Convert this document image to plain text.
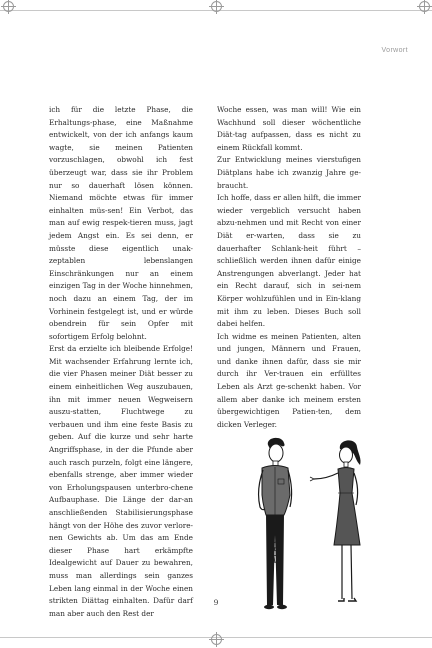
Vorwort

ich für die letzte Phase, die Erhaltungs-phase, eine Maßnahme entwickelt, von der ich anfangs kaum wagte, sie meinen Patienten vorzuschlagen, obwohl ich fest überzeugt war, dass sie ihr Problem nur so dauerhaft lösen können. Niemand möchte etwas für immer einhalten müs-sen! Ein Verbot, das man auf ewig respek-tieren muss, jagt jedem Angst ein. Es sei denn, er müsste diese eigentlich unak-zeptablen lebenslangen Einschränkungen nur an einem einzigen Tag in der Woche hinnehmen, noch dazu an einem Tag, der im Vorhinein festgelegt ist, und er würde obendrein für sein Opfer mit sofortigem Erfolg belohnt.

Erst da erzielte ich bleibende Erfolge! Mit wachsender Erfahrung lernte ich, die vier Phasen meiner Diät besser zu einem einheitlichen Weg auszubauen, ihn mit immer neuen Wegweisern auszu-statten, Fluchtwege zu verbauen und ihm eine feste Basis zu geben. Auf die kurze und sehr harte Angriffsphase, in der die Pfunde aber auch rasch purzeln, folgt eine längere, ebenfalls strenge, aber immer wieder von Erholungspausen unterbro-chene Aufbauphase. Die Länge der dar-an anschließenden Stabilisierungsphase hängt von der Höhe des zuvor verlore-nen Gewichts ab. Um das am Ende dieser Phase hart erkämpfte Idealgewicht auf Dauer zu bewahren, muss man allerdings sein ganzes Leben lang einmal in der Woche einen strikten Diättag einhalten. Dafür darf man aber auch den Rest der

Woche essen, was man will! Wie ein Wachhund soll dieser wöchentliche Diät-tag aufpassen, dass es nicht zu einem Rückfall kommt.

Zur Entwicklung meines vierstufigen Diätplans habe ich zwanzig Jahre ge-braucht.

Ich hoffe, dass er allen hilft, die immer wieder vergeblich versucht haben abzu-nehmen und mit Recht von einer Diät er-warten, dass sie zu dauerhafter Schlank-heit führt – schließlich werden ihnen dafür einige Anstrengungen abverlangt. Jeder hat ein Recht darauf, sich in sei-nem Körper wohlzufühlen und in Ein-klang mit ihm zu leben. Dieses Buch soll dabei helfen.

Ich widme es meinen Patienten, alten und jungen, Männern und Frauen, und danke ihnen dafür, dass sie mir durch ihr Ver-trauen ein erfülltes Leben als Arzt ge-schenkt haben. Vor allem aber danke ich meinem ersten übergewichtigen Patien-ten, dem dicken Verleger.

9
